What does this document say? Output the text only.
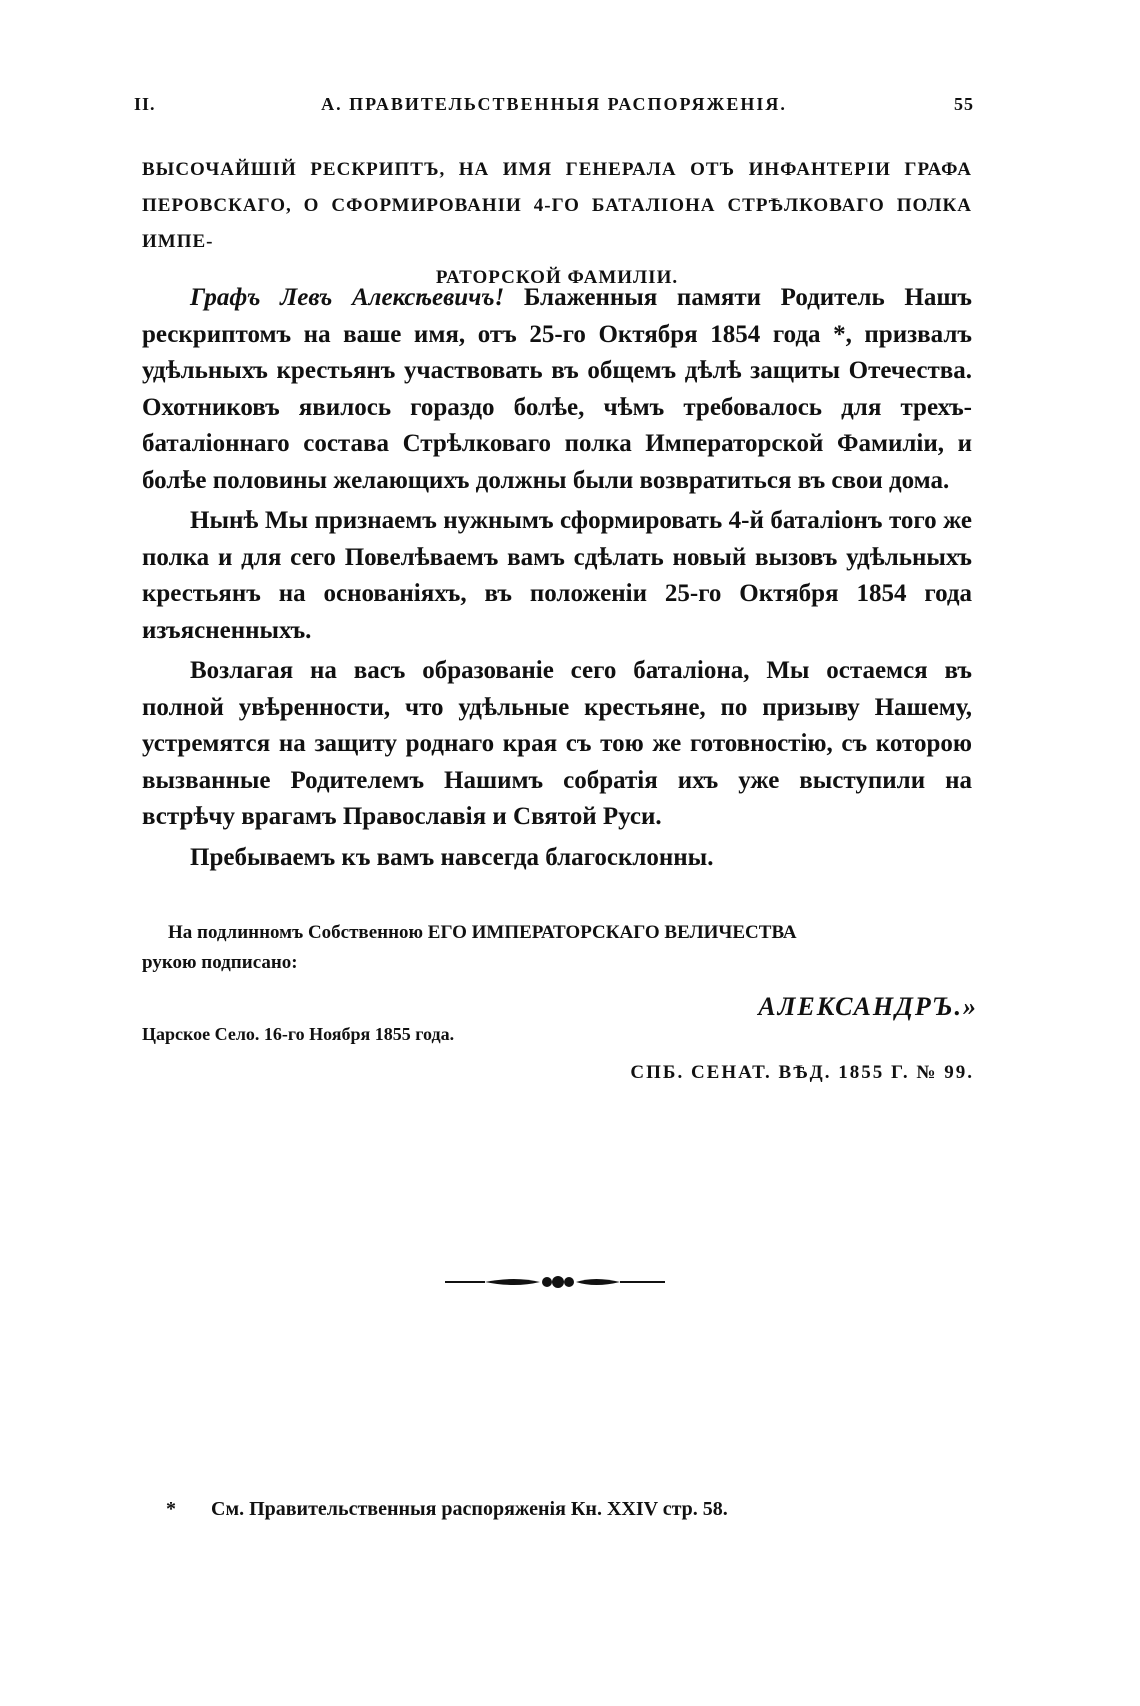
II.	А. ПРАВИТЕЛЬСТВЕННЫЯ РАСПОРЯЖЕНІЯ.	55
ВЫСОЧАЙШІЙ РЕСКРИПТЪ, НА ИМЯ ГЕНЕРАЛА ОТЪ ИНФАНТЕРІИ ГРАФА ПЕРОВСКАГО, О СФОРМИРОВАНІИ 4-ГО БАТАЛІОНА СТРѢЛКОВАГО ПОЛКА ИМПЕ-
РАТОРСКОЙ ФАМИЛІИ.

Графъ Левъ Алексѣевичъ! Блаженныя памяти Родитель Нашъ рескриптомъ на ваше имя, отъ 25-го Октября 1854 года *, призвалъ удѣльныхъ крестьянъ участвовать въ общемъ дѣлѣ защиты Отечества. Охотниковъ явилось гораздо болѣе, чѣмъ требовалось для трехъ-баталіоннаго состава Стрѣлковаго полка Императорской Фамиліи, и болѣе половины желающихъ должны были возвратиться въ свои дома.

Нынѣ Мы признаемъ нужнымъ сформировать 4-й баталіонъ того же полка и для сего Повелѣваемъ вамъ сдѣлать новый вызовъ удѣльныхъ крестьянъ на основаніяхъ, въ положеніи 25-го Октября 1854 года изъясненныхъ.

Возлагая на васъ образованіе сего баталіона, Мы остаемся въ полной увѣренности, что удѣльные крестьяне, по призыву Нашему, устремятся на защиту роднаго края съ тою же готовностію, съ которою вызванные Родителемъ Нашимъ собратія ихъ уже выступили на встрѣчу врагамъ Православія и Святой Руси.

Пребываемъ къ вамъ навсегда благосклонны.

На подлинномъ Собственною ЕГО ИМПЕРАТОРСКАГО ВЕЛИЧЕСТВА
рукою подписано:
АЛЕКСАНДРЪ.»
Царское Село. 16-го Ноября 1855 года.
СПБ. СЕНАТ. ВѢД. 1855 Г. № 99.
* См. Правительственныя распоряженія Кн. XXIV стр. 58.
